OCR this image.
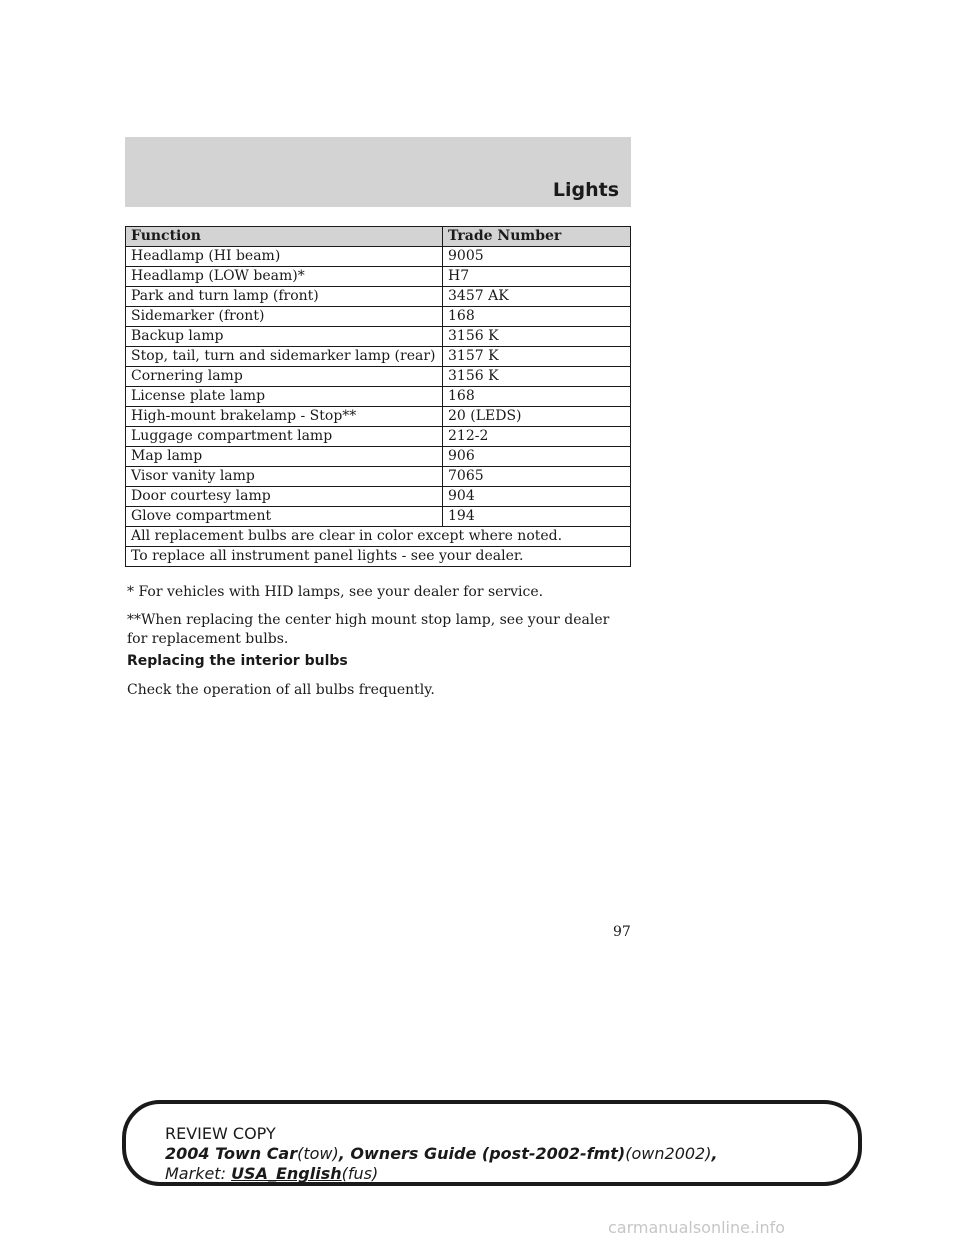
Lights
Function	Trade Number
Headlamp (HI beam)	9005
Headlamp (LOW beam)*	H7
Park and turn lamp (front)	3457 AK
Sidemarker (front)	168
Backup lamp	3156 K
Stop, tail, turn and sidemarker lamp (rear)	3157 K
Cornering lamp	3156 K
License plate lamp	168
High-mount brakelamp - Stop**	20 (LEDS)
Luggage compartment lamp	212-2
Map lamp	906
Visor vanity lamp	7065
Door courtesy lamp	904
Glove compartment	194
All replacement bulbs are clear in color except where noted.	
To replace all instrument panel lights - see your dealer.	
* For vehicles with HID lamps, see your dealer for service.
**When replacing the center high mount stop lamp, see your dealer for replacement bulbs.
Replacing the interior bulbs
Check the operation of all bulbs frequently.
97
REVIEW COPY
2004 Town Car(tow), Owners Guide (post-2002-fmt)(own2002),
Market: USA_English(fus)
carmanualsonline.info
